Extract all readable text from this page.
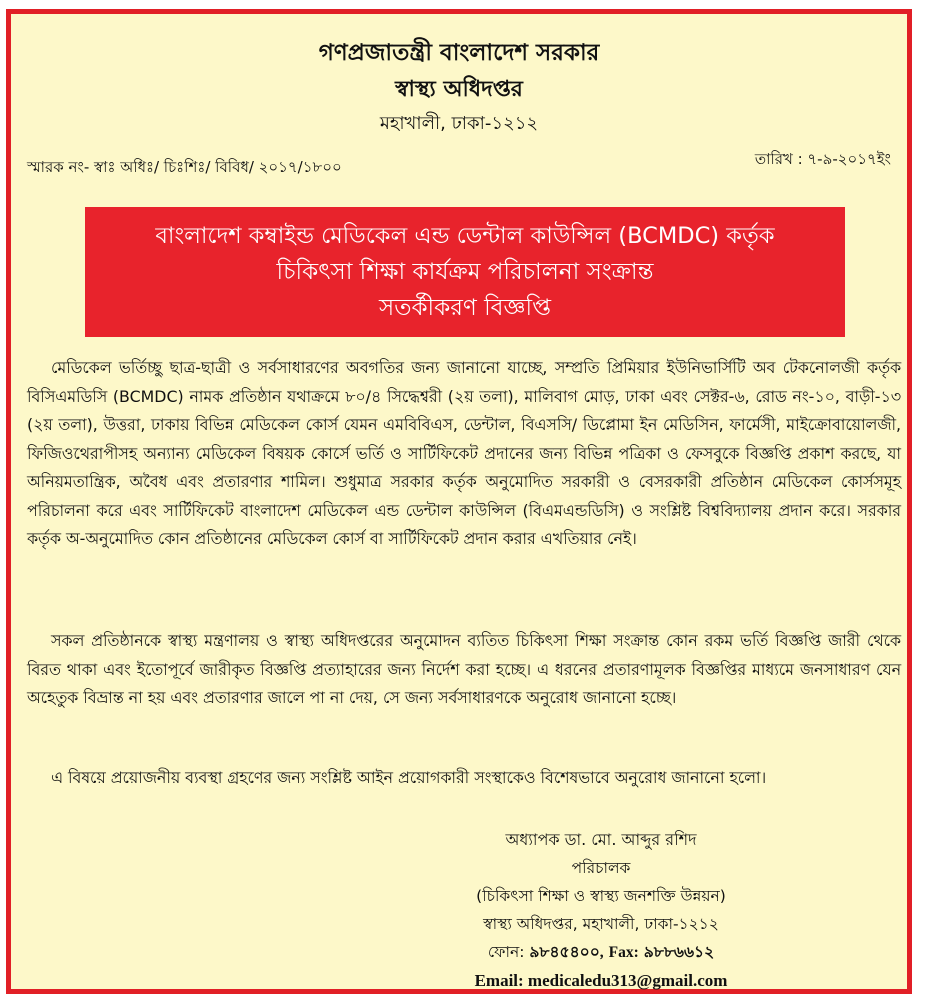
গণপ্রজাতন্ত্রী বাংলাদেশ সরকার
স্বাস্থ্য অধিদপ্তর
মহাখালী, ঢাকা-১২১২
স্মারক নং- স্বাঃ অধিঃ/ চিঃশিঃ/ বিবিধ/ ২০১৭/১৮০০	তারিখ : ৭-৯-২০১৭ইং
বাংলাদেশ কম্বাইন্ড মেডিকেল এন্ড ডেন্টাল কাউন্সিল (BCMDC) কর্তৃক
চিকিৎসা শিক্ষা কার্যক্রম পরিচালনা সংক্রান্ত
সতর্কীকরণ বিজ্ঞপ্তি
মেডিকেল ভর্তিচ্ছু ছাত্র-ছাত্রী ও সর্বসাধারণের অবগতির জন্য জানানো যাচ্ছে, সম্প্রতি প্রিমিয়ার ইউনিভার্সিটি অব টেকনোলজী কর্তৃক বিসিএমডিসি (BCMDC) নামক প্রতিষ্ঠান যথাক্রমে ৮০/৪ সিদ্ধেশ্বরী (২য় তলা), মালিবাগ মোড়, ঢাকা এবং সেক্টর-৬, রোড নং-১০, বাড়ী-১৩ (২য় তলা), উত্তরা, ঢাকায় বিভিন্ন মেডিকেল কোর্স যেমন এমবিবিএস, ডেন্টাল, বিএসসি/ ডিপ্লোমা ইন মেডিসিন, ফার্মেসী, মাইক্রোবায়োলজী, ফিজিওথেরাপীসহ অন্যান্য মেডিকেল বিষয়ক কোর্সে ভর্তি ও সার্টিফিকেট প্রদানের জন্য বিভিন্ন পত্রিকা ও ফেসবুকে বিজ্ঞপ্তি প্রকাশ করছে, যা অনিয়মতান্ত্রিক, অবৈধ এবং প্রতারণার শামিল। শুধুমাত্র সরকার কর্তৃক অনুমোদিত সরকারী ও বেসরকারী প্রতিষ্ঠান মেডিকেল কোর্সসমূহ পরিচালনা করে এবং সার্টিফিকেট বাংলাদেশ মেডিকেল এন্ড ডেন্টাল কাউন্সিল (বিএমএন্ডডিসি) ও সংশ্লিষ্ট বিশ্ববিদ্যালয় প্রদান করে। সরকার কর্তৃক অ-অনুমোদিত কোন প্রতিষ্ঠানের মেডিকেল কোর্স বা সার্টিফিকেট প্রদান করার এখতিয়ার নেই।
সকল প্রতিষ্ঠানকে স্বাস্থ্য মন্ত্রণালয় ও স্বাস্থ্য অধিদপ্তরের অনুমোদন ব্যতিত চিকিৎসা শিক্ষা সংক্রান্ত কোন রকম ভর্তি বিজ্ঞপ্তি জারী থেকে বিরত থাকা এবং ইতোপূর্বে জারীকৃত বিজ্ঞপ্তি প্রত্যাহারের জন্য নির্দেশ করা হচ্ছে। এ ধরনের প্রতারণামূলক বিজ্ঞপ্তির মাধ্যমে জনসাধারণ যেন অহেতুক বিভ্রান্ত না হয় এবং প্রতারণার জালে পা না দেয়, সে জন্য সর্বসাধারণকে অনুরোধ জানানো হচ্ছে।
এ বিষয়ে প্রয়োজনীয় ব্যবস্থা গ্রহণের জন্য সংশ্লিষ্ট আইন প্রয়োগকারী সংস্থাকেও বিশেষভাবে অনুরোধ জানানো হলো।
অধ্যাপক ডা. মো. আব্দুর রশিদ
পরিচালক
(চিকিৎসা শিক্ষা ও স্বাস্থ্য জনশক্তি উন্নয়ন)
স্বাস্থ্য অধিদপ্তর, মহাখালী, ঢাকা-১২১২
ফোন: ৯৮৪৫৪০০, Fax: ৯৮৮৬৬১২
Email: medicaledu313@gmail.com
